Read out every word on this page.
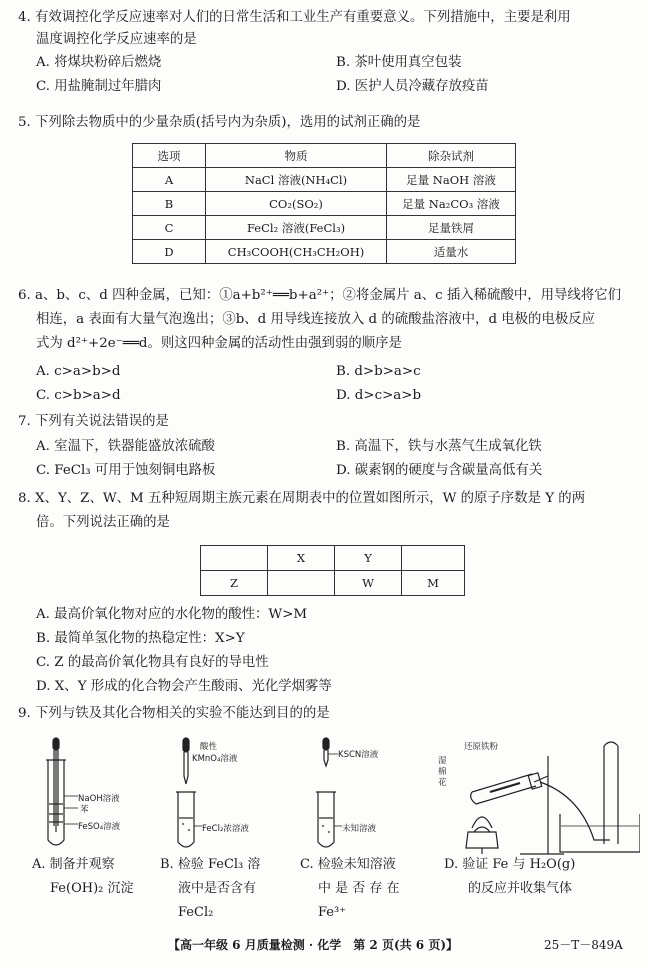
4. 有效调控化学反应速率对人们的日常生活和工业生产有重要意义。下列措施中，主要是利用
温度调控化学反应速率的是
A. 将煤块粉碎后燃烧	B. 茶叶使用真空包装
C. 用盐腌制过年腊肉	D. 医护人员冷藏存放疫苗
5. 下列除去物质中的少量杂质(括号内为杂质)，选用的试剂正确的是
选项	物质	除杂试剂
A	NaCl 溶液(NH₄Cl)	足量 NaOH 溶液
B	CO₂(SO₂)	足量 Na₂CO₃ 溶液
C	FeCl₂ 溶液(FeCl₃)	足量铁屑
D	CH₃COOH(CH₃CH₂OH)	适量水
6. a、b、c、d 四种金属，已知：①a+b²⁺══b+a²⁺；②将金属片 a、c 插入稀硫酸中，用导线将它们
相连，a 表面有大量气泡逸出；③b、d 用导线连接放入 d 的硫酸盐溶液中，d 电极的电极反应
式为 d²⁺+2e⁻══d。则这四种金属的活动性由强到弱的顺序是
A. c>a>b>d	B. d>b>a>c
C. c>b>a>d	D. d>c>a>b
7. 下列有关说法错误的是
A. 室温下，铁器能盛放浓硫酸	B. 高温下，铁与水蒸气生成氧化铁
C. FeCl₃ 可用于蚀刻铜电路板	D. 碳素钢的硬度与含碳量高低有关
8. X、Y、Z、W、M 五种短周期主族元素在周期表中的位置如图所示，W 的原子序数是 Y 的两
倍。下列说法正确的是
	X	Y	
Z		W	M
A. 最高价氧化物对应的水化物的酸性：W>M
B. 最简单氢化物的热稳定性：X>Y
C. Z 的最高价氧化物具有良好的导电性
D. X、Y 形成的化合物会产生酸雨、光化学烟雾等
9. 下列与铁及其化合物相关的实验不能达到目的的是
NaOH溶液
苯
FeSO₄溶液
酸性
KMnO₄溶液
FeCl₂浓溶液
KSCN溶液
未知溶液
还原铁粉
湿
棉
花
A. 制备并观察
Fe(OH)₂ 沉淀
B. 检验 FeCl₃ 溶
液中是否含有
FeCl₂
C. 检验未知溶液
中 是 否 存 在
Fe³⁺
D. 验证 Fe 与 H₂O(g)
的反应并收集气体
【高一年级 6 月质量检测 · 化学　第 2 页(共 6 页)】	25－T－849A
